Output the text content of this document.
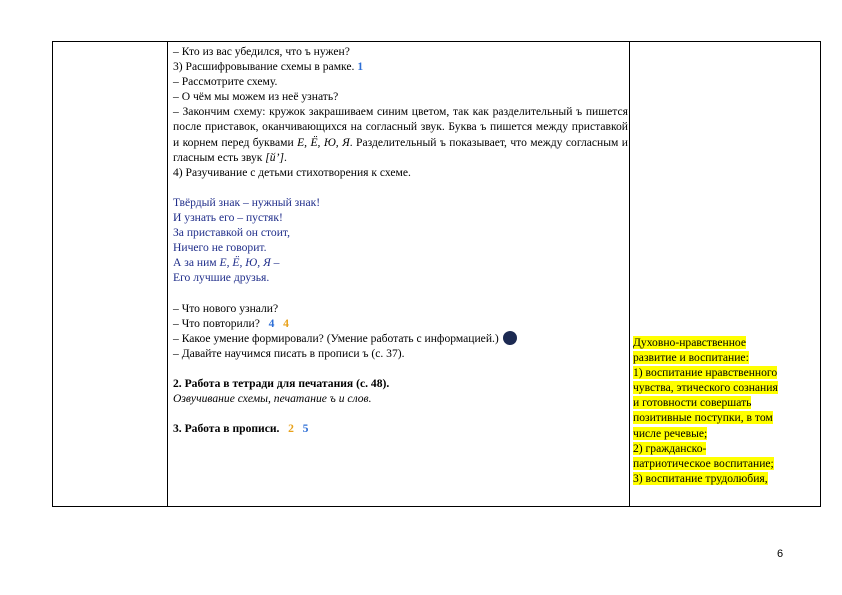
– Кто из вас убедился, что ъ нужен?

3) Расшифровывание схемы в рамке. 1

– Рассмотрите схему.

– О чём мы можем из неё узнать?

– Закончим схему: кружок закрашиваем синим цветом, так как разделительный ъ пишется после приставок, оканчивающихся на согласный звук. Буква ъ пишется между приставкой и корнем перед буквами Е, Ё, Ю, Я. Разделительный ъ показывает, что между согласным и гласным есть звук [й’].

4) Разучивание с детьми стихотворения к схеме.

Твёрдый знак – нужный знак!

И узнать его – пустяк!

За приставкой он стоит,

Ничего не говорит.

А за ним Е, Ё, Ю, Я –

Его лучшие друзья.

– Что нового узнали?

– Что повторили? 4 4

– Какое умение формировали? (Умение работать с информацией.)

– Давайте научимся писать в прописи ъ (с. 37).

2. Работа в тетради для печатания (с. 48).

Озвучивание схемы, печатание ъ и слов.

3. Работа в прописи. 2 5

Духовно-нравственное
развитие и воспитание:
1) воспитание нравственного
чувства, этического сознания
и готовности совершать
позитивные поступки, в том
числе речевые;
2) гражданско-
патриотическое воспитание;
3) воспитание трудолюбия,
6
